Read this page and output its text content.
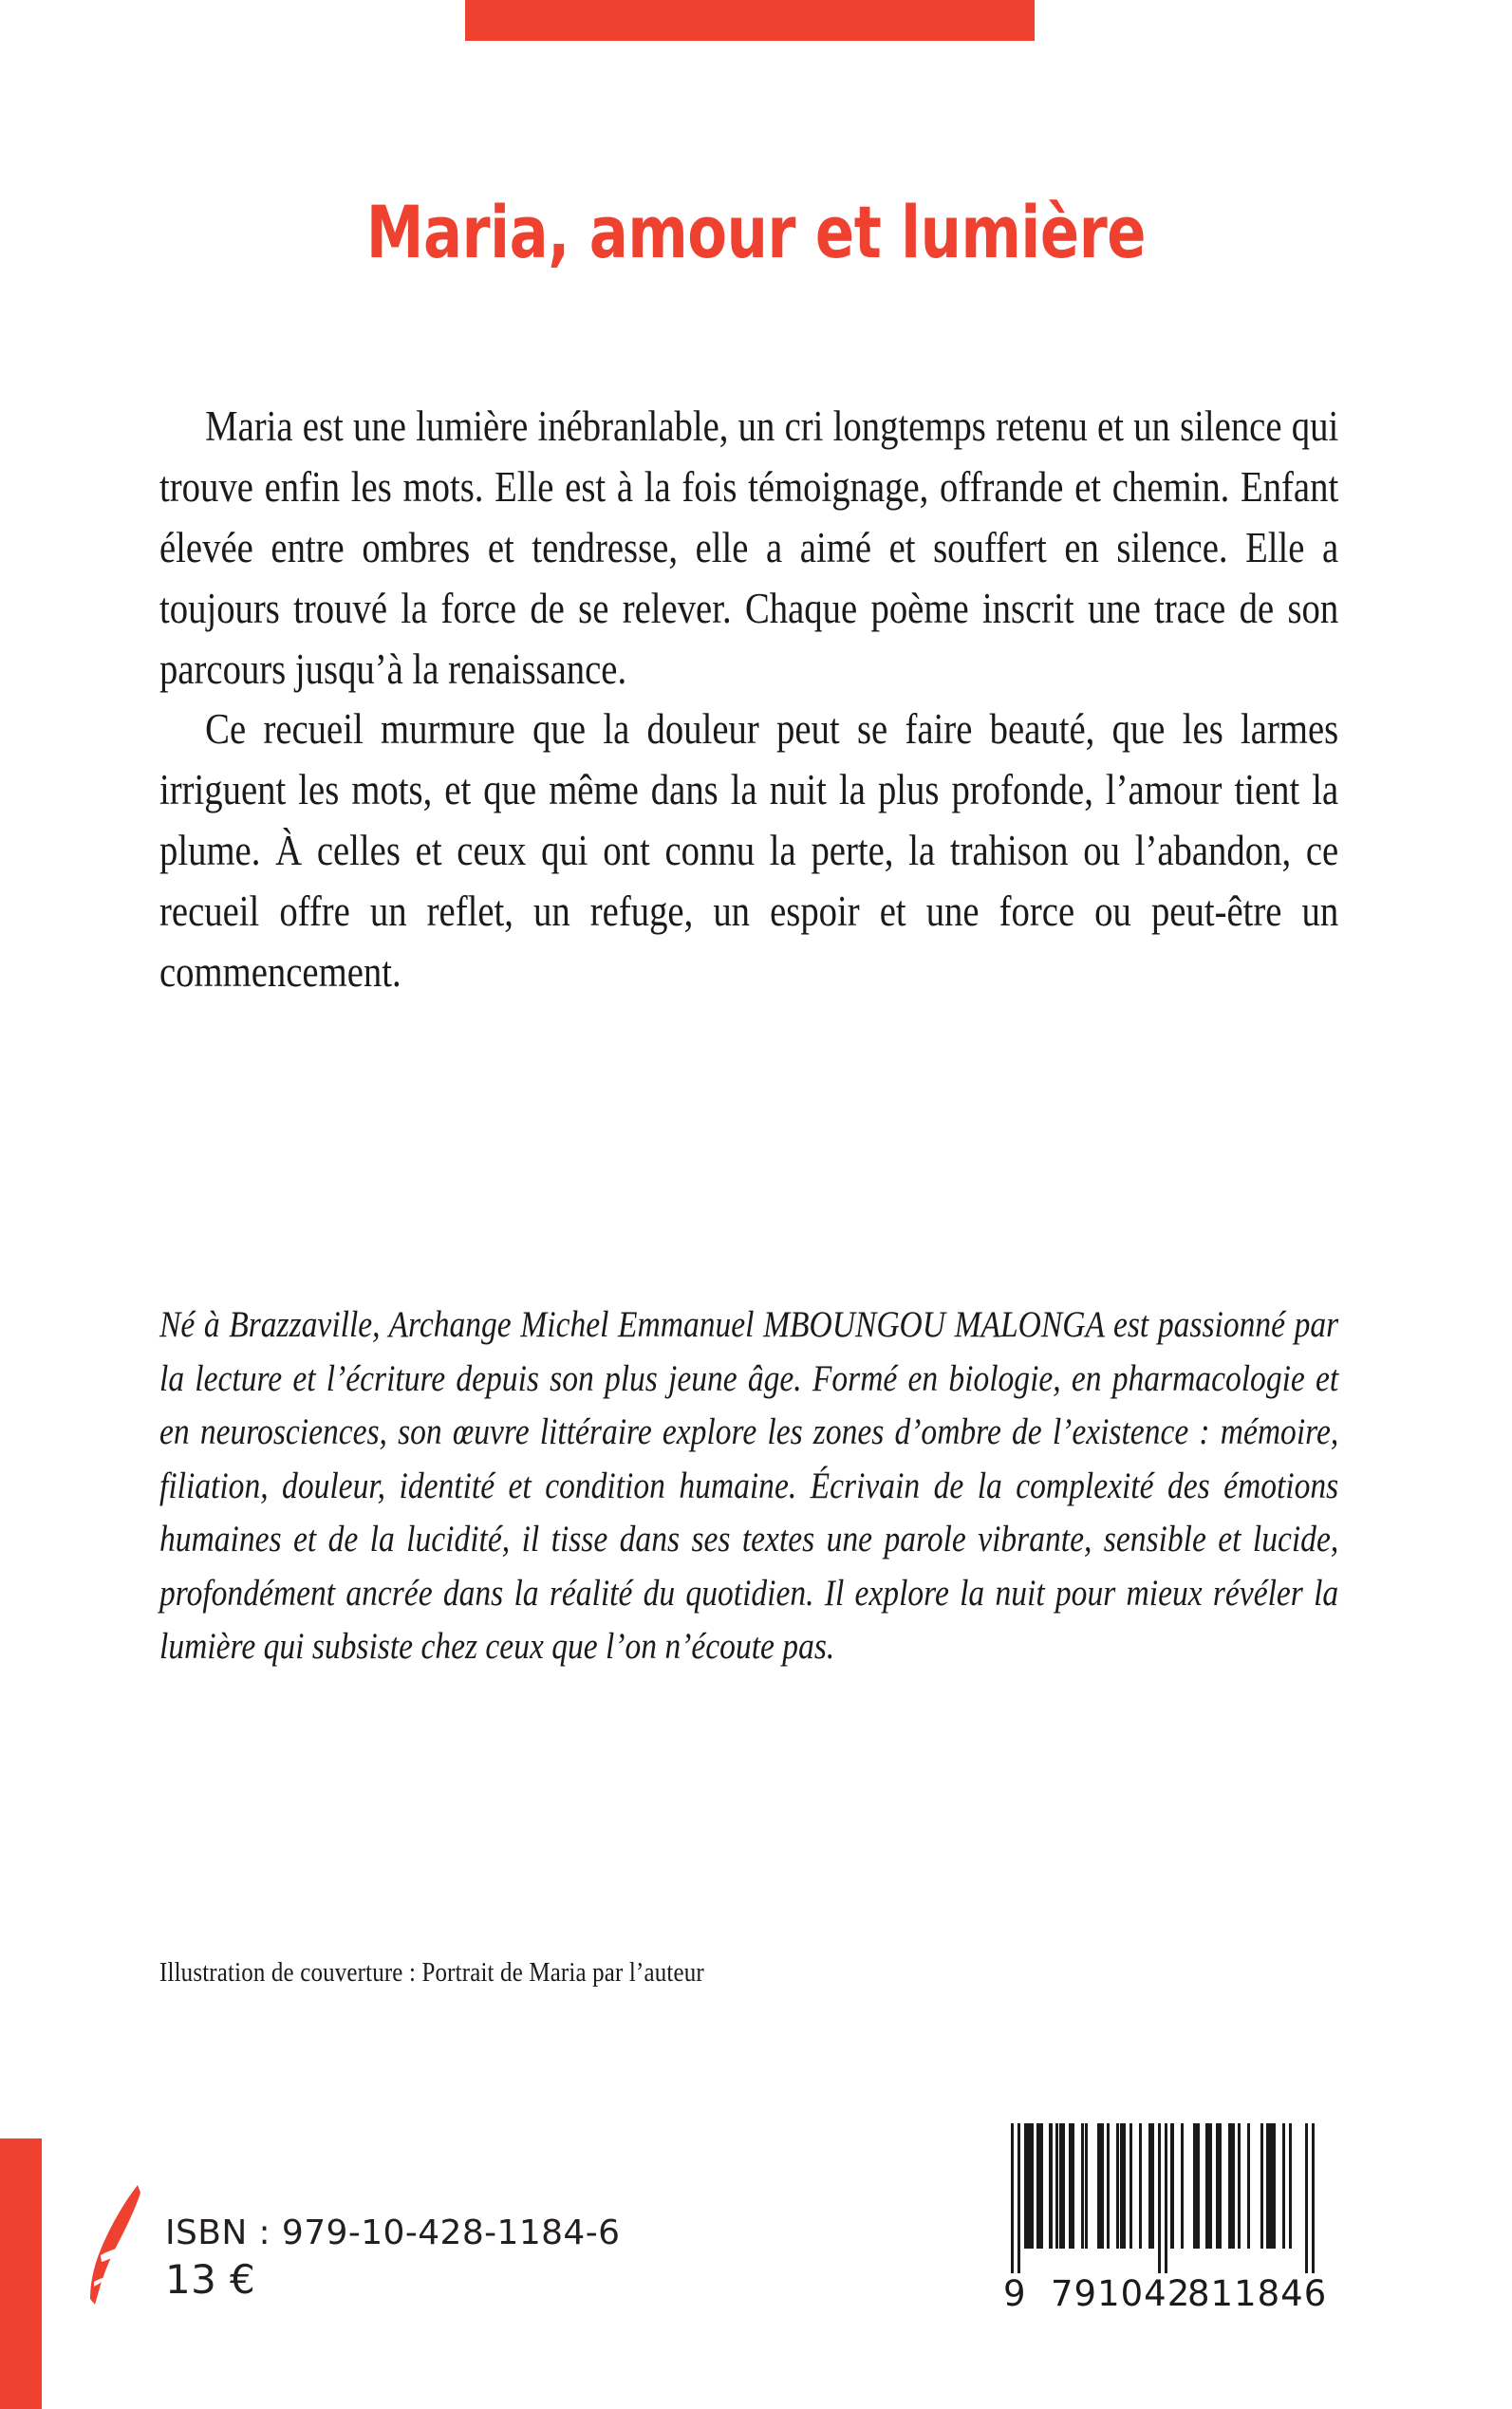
Maria, amour et lumière

Maria est une lumière inébranlable, un cri longtemps retenu et un silence qui trouve enfin les mots. Elle est à la fois témoignage, offrande et chemin. Enfant élevée entre ombres et tendresse, elle a aimé et souffert en silence. Elle a toujours trouvé la force de se relever. Chaque poème inscrit une trace de son parcours jusqu’à la renaissance.

Ce recueil murmure que la douleur peut se faire beauté, que les larmes irriguent les mots, et que même dans la nuit la plus profonde, l’amour tient la plume. À celles et ceux qui ont connu la perte, la trahison ou l’abandon, ce recueil offre un reflet, un refuge, un espoir et une force ou peut-être un commencement.

Né à Brazzaville, Archange Michel Emmanuel MBOUNGOU MALONGA est passionné par la lecture et l’écriture depuis son plus jeune âge. Formé en biologie, en pharmacologie et en neurosciences, son œuvre littéraire explore les zones d’ombre de l’existence : mémoire, filiation, douleur, identité et condition humaine. Écrivain de la complexité des émotions humaines et de la lucidité, il tisse dans ses textes une parole vibrante, sensible et lucide, profondément ancrée dans la réalité du quotidien. Il explore la nuit pour mieux révéler la lumière qui subsiste chez ceux que l’on n’écoute pas.
Illustration de couverture : Portrait de Maria par l’auteur
ISBN : 979-10-428-1184-6
13 €	9 791042
811846
